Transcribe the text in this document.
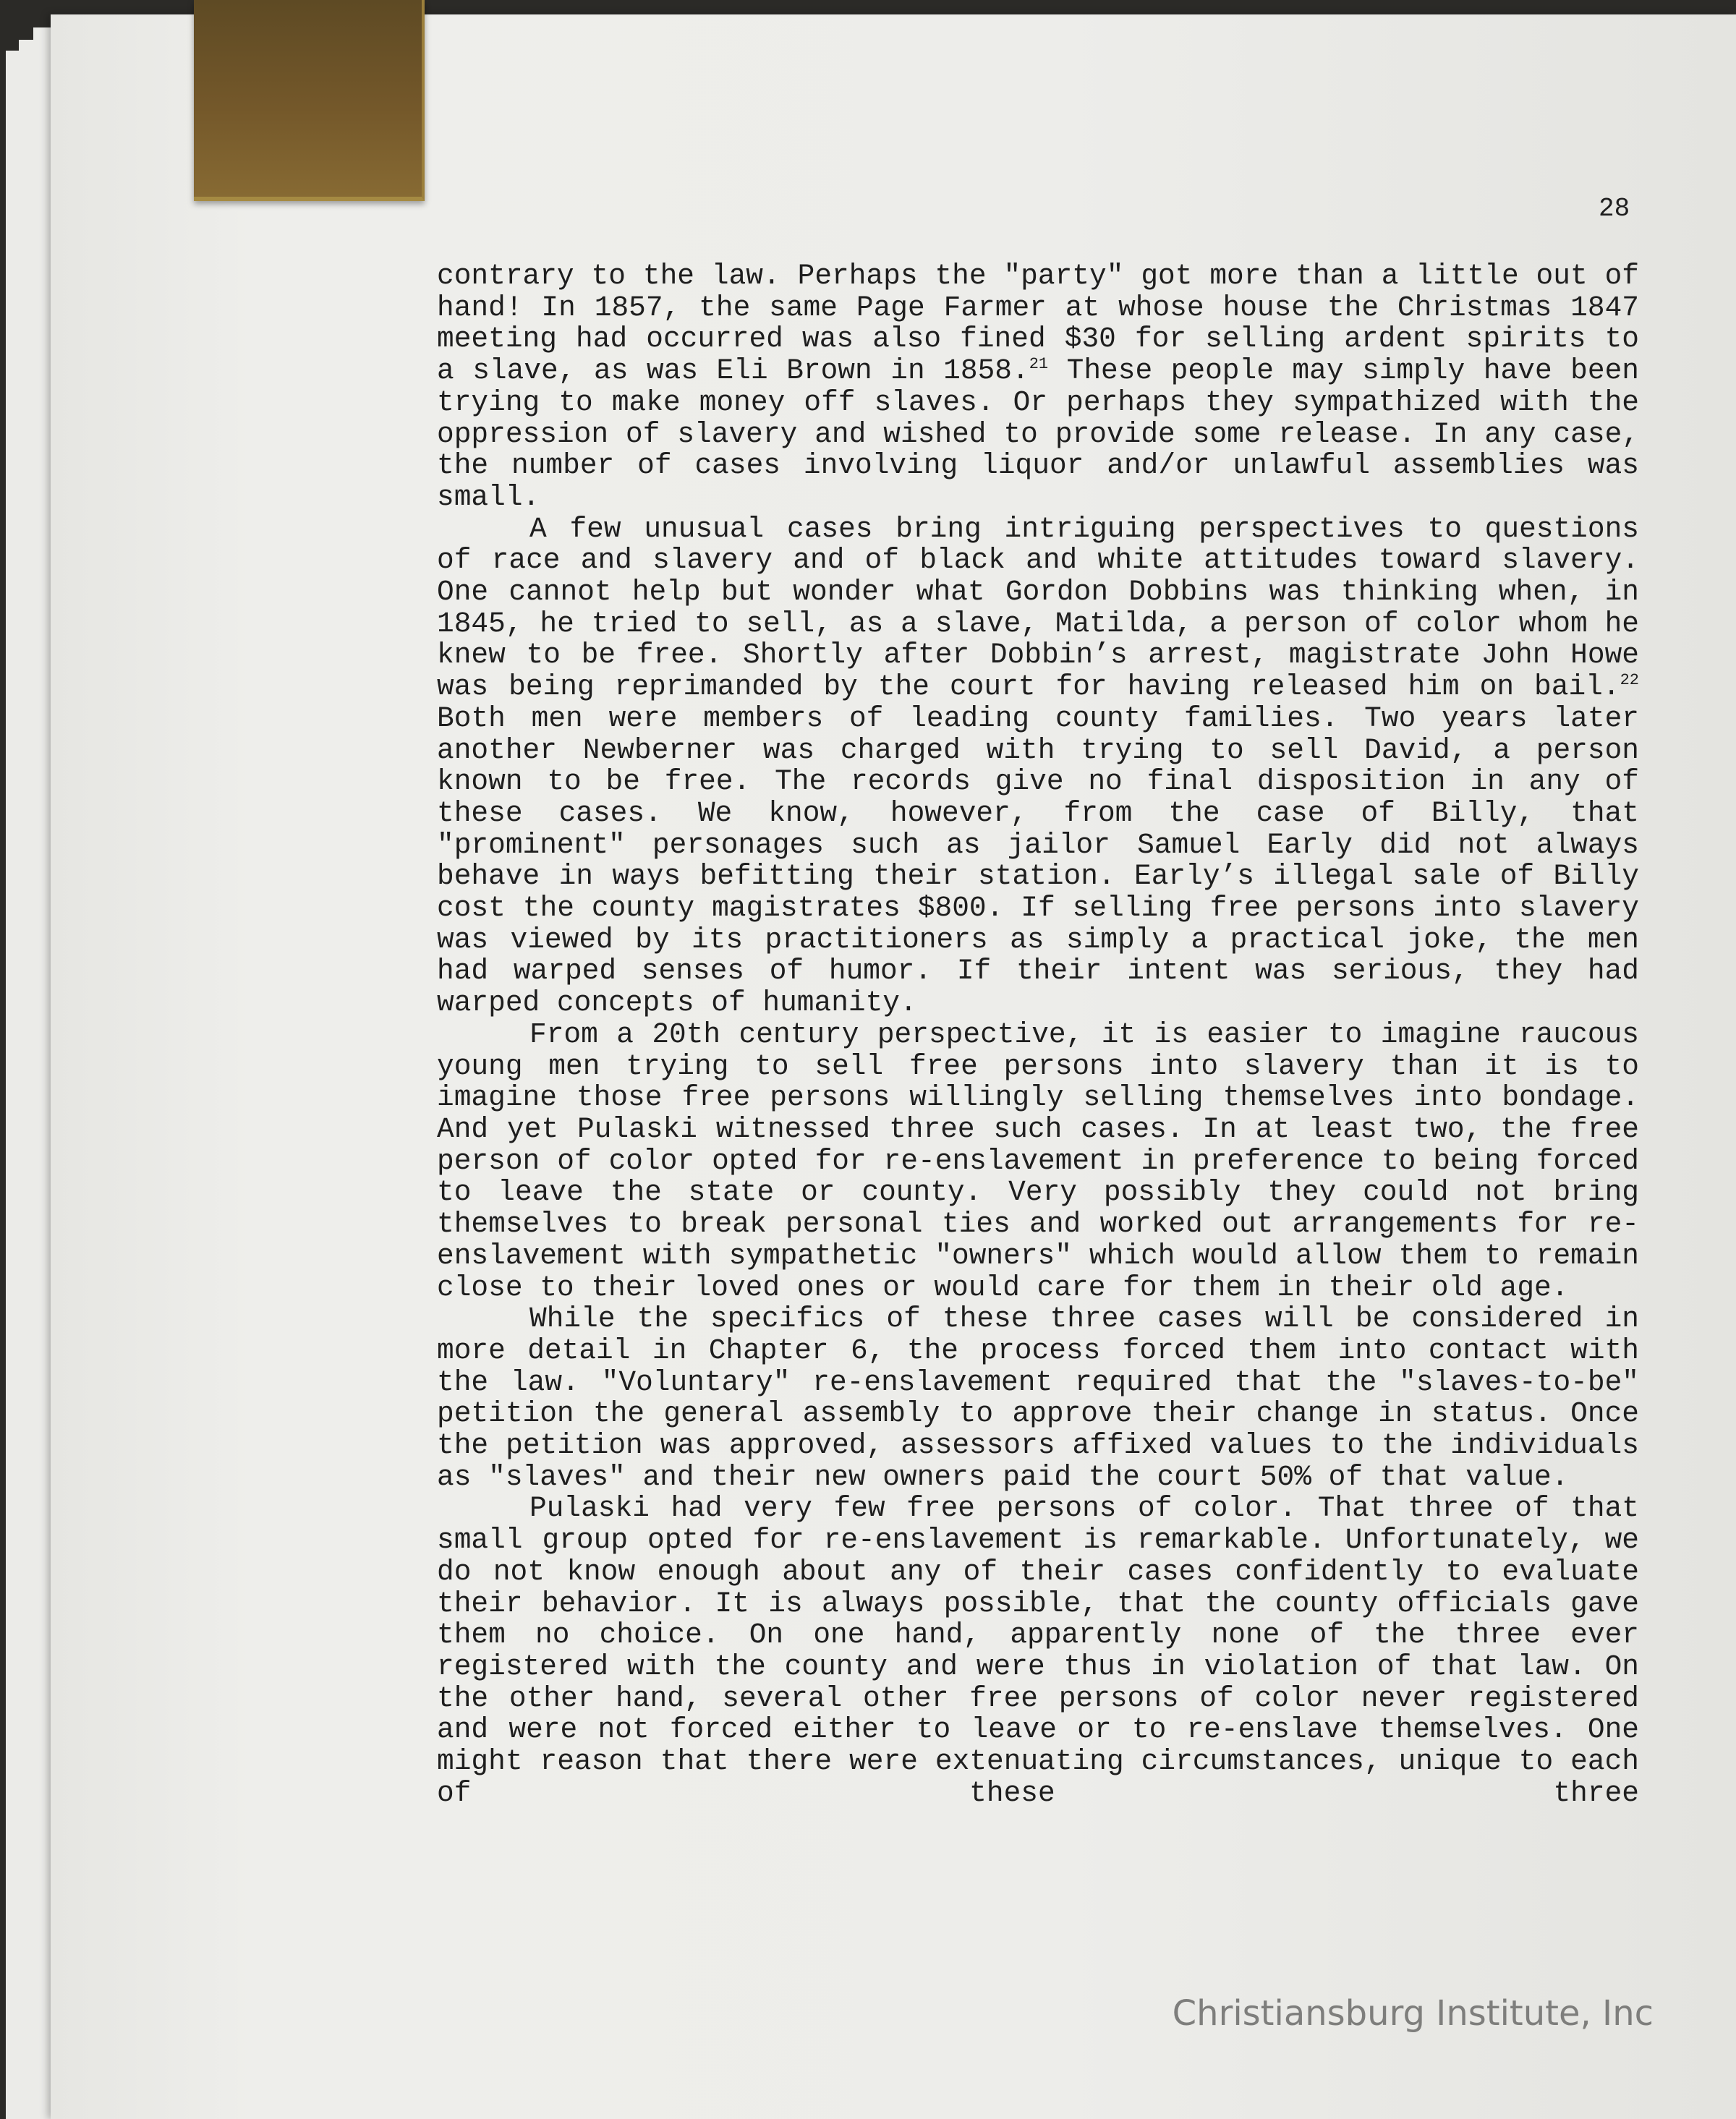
28

contrary to the law. Perhaps the "party" got more than a little out of hand! In 1857, the same Page Farmer at whose house the Christmas 1847 meeting had occurred was also fined $30 for selling ardent spirits to a slave, as was Eli Brown in 1858.21 These people may simply have been trying to make money off slaves. Or perhaps they sympathized with the oppression of slavery and wished to provide some release. In any case, the number of cases involving liquor and/or unlawful assemblies was small.

A few unusual cases bring intriguing perspectives to questions of race and slavery and of black and white attitudes toward slavery. One cannot help but wonder what Gordon Dobbins was thinking when, in 1845, he tried to sell, as a slave, Matilda, a person of color whom he knew to be free. Shortly after Dobbin’s arrest, magistrate John Howe was being reprimanded by the court for having released him on bail.$^{22}$ Both men were members of leading county families. Two years later another Newberner was charged with trying to sell David, a person known to be free. The records give no final disposition in any of these cases. We know, however, from the case of Billy, that "prominent" personages such as jailor Samuel Early did not always behave in ways befitting their station. Early’s illegal sale of Billy cost the county magistrates $800. If selling free persons into slavery was viewed by its practitioners as simply a practical joke, the men had warped senses of humor. If their intent was serious, they had warped concepts of humanity.

From a 20th century perspective, it is easier to imagine raucous young men trying to sell free persons into slavery than it is to imagine those free persons willingly selling themselves into bondage. And yet Pulaski witnessed three such cases. In at least two, the free person of color opted for re-enslavement in preference to being forced to leave the state or county. Very possibly they could not bring themselves to break personal ties and worked out arrangements for re-enslavement with sympathetic "owners" which would allow them to remain close to their loved ones or would care for them in their old age.

While the specifics of these three cases will be considered in more detail in Chapter 6, the process forced them into contact with the law. "Voluntary" re-enslavement required that the "slaves-to-be" petition the general assembly to approve their change in status. Once the petition was approved, assessors affixed values to the individuals as "slaves" and their new owners paid the court 50% of that value.

Pulaski had very few free persons of color. That three of that small group opted for re-enslavement is remarkable. Unfortunately, we do not know enough about any of their cases confidently to evaluate their behavior. It is always possible, that the county officials gave them no choice. On one hand, apparently none of the three ever registered with the county and were thus in violation of that law. On the other hand, several other free persons of color never registered and were not forced either to leave or to re-enslave themselves. One might reason that there were extenuating circumstances, unique to each of these three

Christiansburg Institute, Inc
